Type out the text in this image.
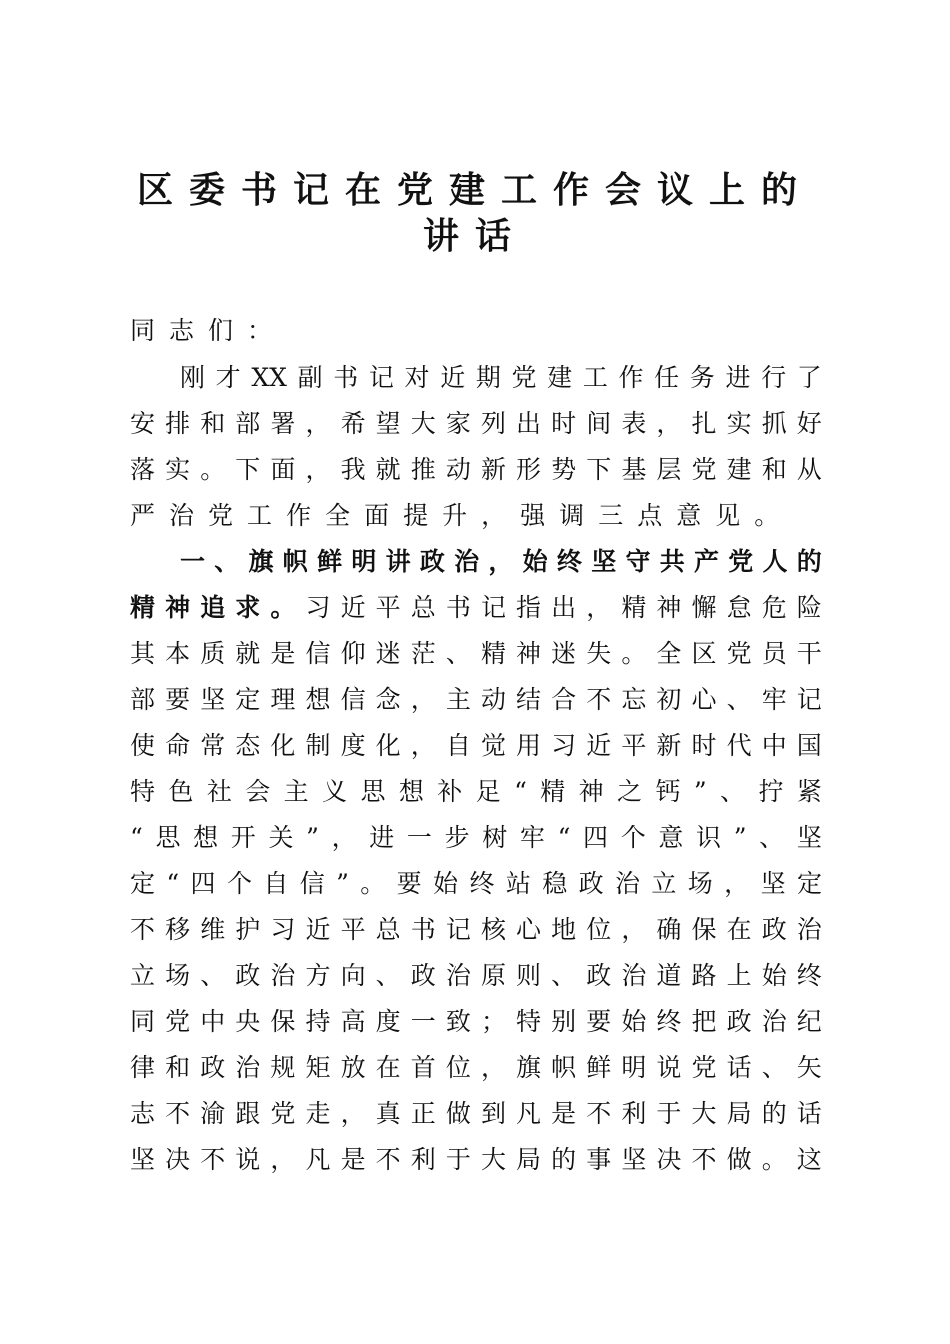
区委书记在党建工作会议上的
讲话
同 志 们 ：
刚 才 XX 副 书 记 对 近 期 党 建 工 作 任 务 进 行 了
安 排 和 部 署 ， 希 望 大 家 列 出 时 间 表 ， 扎 实 抓 好
落 实 。 下 面 ， 我 就 推 动 新 形 势 下 基 层 党 建 和 从
严 治 党 工 作 全 面 提 升 ， 强 调 三 点 意 见 。
一 、 旗 帜 鲜 明 讲 政 治 ， 始 终 坚 守 共 产 党 人 的
精 神 追 求 。 习 近 平 总 书 记 指 出 ， 精 神 懈 怠 危 险
其 本 质 就 是 信 仰 迷 茫 、 精 神 迷 失 。 全 区 党 员 干
部 要 坚 定 理 想 信 念 ， 主 动 结 合 不 忘 初 心 、 牢 记
使 命 常 态 化 制 度 化 ， 自 觉 用 习 近 平 新 时 代 中 国
特 色 社 会 主 义 思 想 补 足 “ 精 神 之 钙 ” 、 拧 紧
“ 思 想 开 关 ” ， 进 一 步 树 牢 “ 四 个 意 识 ” 、 坚
定 “ 四 个 自 信 ” 。 要 始 终 站 稳 政 治 立 场 ， 坚 定
不 移 维 护 习 近 平 总 书 记 核 心 地 位 ， 确 保 在 政 治
立 场 、 政 治 方 向 、 政 治 原 则 、 政 治 道 路 上 始 终
同 党 中 央 保 持 高 度 一 致 ； 特 别 要 始 终 把 政 治 纪
律 和 政 治 规 矩 放 在 首 位 ， 旗 帜 鲜 明 说 党 话 、 矢
志 不 渝 跟 党 走 ， 真 正 做 到 凡 是 不 利 于 大 局 的 话
坚 决 不 说 ， 凡 是 不 利 于 大 局 的 事 坚 决 不 做 。 这
